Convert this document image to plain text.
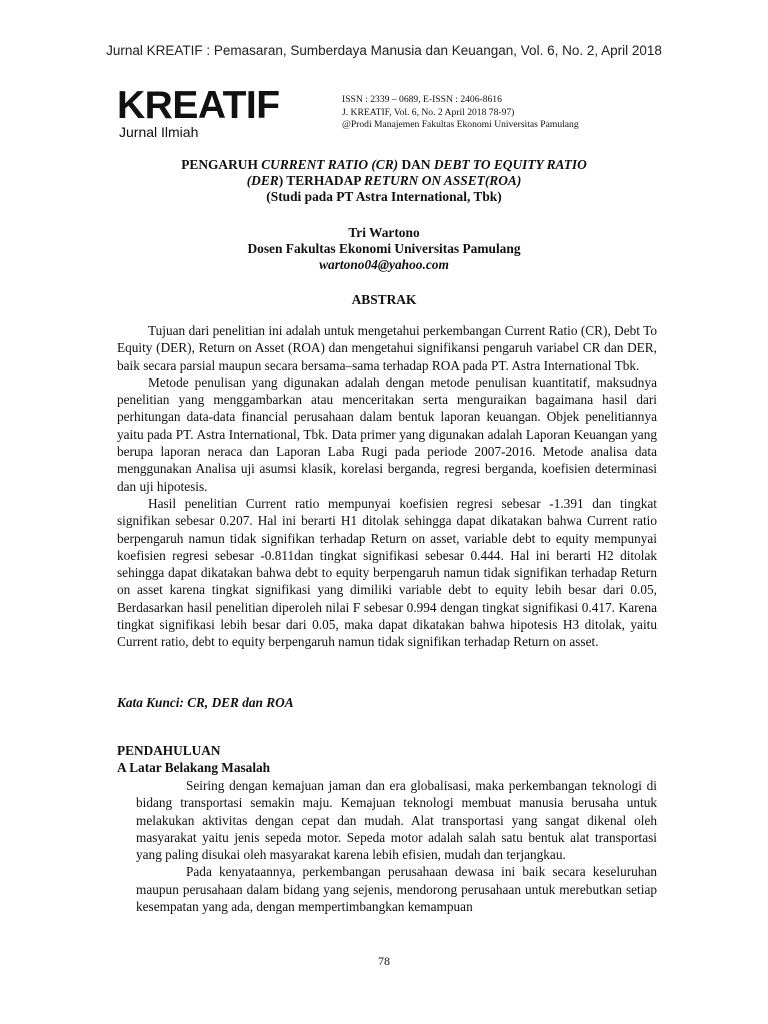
Jurnal KREATIF : Pemasaran, Sumberdaya Manusia dan Keuangan, Vol. 6, No. 2, April 2018
KREATIF
Jurnal Ilmiah
ISSN : 2339 – 0689, E-ISSN : 2406-8616
J. KREATIF, Vol. 6, No. 2 April 2018 78-97)
@Prodi Manajemen Fakultas Ekonomi Universitas Pamulang
PENGARUH CURRENT RATIO (CR) DAN DEBT TO EQUITY RATIO
(DER) TERHADAP RETURN ON ASSET(ROA)
(Studi pada PT Astra International, Tbk)
Tri Wartono
Dosen Fakultas Ekonomi Universitas Pamulang
wartono04@yahoo.com
ABSTRAK

Tujuan dari penelitian ini adalah untuk mengetahui perkembangan Current Ratio (CR), Debt To Equity (DER), Return on Asset (ROA) dan mengetahui signifikansi pengaruh variabel CR dan DER, baik secara parsial maupun secara bersama–sama terhadap ROA pada PT. Astra International Tbk.

Metode penulisan yang digunakan adalah dengan metode penulisan kuantitatif, maksudnya penelitian yang menggambarkan atau menceritakan serta menguraikan bagaimana hasil dari perhitungan data-data financial perusahaan dalam bentuk laporan keuangan. Objek penelitiannya yaitu pada PT. Astra International, Tbk. Data primer yang digunakan adalah Laporan Keuangan yang berupa laporan neraca dan Laporan Laba Rugi pada periode 2007-2016. Metode analisa data menggunakan Analisa uji asumsi klasik, korelasi berganda, regresi berganda, koefisien determinasi dan uji hipotesis.

Hasil penelitian Current ratio mempunyai koefisien regresi sebesar -1.391 dan tingkat signifikan sebesar 0.207. Hal ini berarti H1 ditolak sehingga dapat dikatakan bahwa Current ratio berpengaruh namun tidak signifikan terhadap Return on asset, variable debt to equity mempunyai koefisien regresi sebesar -0.811dan tingkat signifikasi sebesar 0.444. Hal ini berarti H2 ditolak sehingga dapat dikatakan bahwa debt to equity berpengaruh namun tidak signifikan terhadap Return on asset karena tingkat signifikasi yang dimiliki variable debt to equity lebih besar dari 0.05, Berdasarkan hasil penelitian diperoleh nilai F sebesar 0.994 dengan tingkat signifikasi 0.417. Karena tingkat signifikasi lebih besar dari 0.05, maka dapat dikatakan bahwa hipotesis H3 ditolak, yaitu Current ratio, debt to equity berpengaruh namun tidak signifikan terhadap Return on asset.

Kata Kunci: CR, DER dan ROA
PENDAHULUAN
A Latar Belakang Masalah

Seiring dengan kemajuan jaman dan era globalisasi, maka perkembangan teknologi di bidang transportasi semakin maju. Kemajuan teknologi membuat manusia berusaha untuk melakukan aktivitas dengan cepat dan mudah. Alat transportasi yang sangat dikenal oleh masyarakat yaitu jenis sepeda motor. Sepeda motor adalah salah satu bentuk alat transportasi yang paling disukai oleh masyarakat karena lebih efisien, mudah dan terjangkau.

Pada kenyataannya, perkembangan perusahaan dewasa ini baik secara keseluruhan maupun perusahaan dalam bidang yang sejenis, mendorong perusahaan untuk merebutkan setiap kesempatan yang ada, dengan mempertimbangkan kemampuan

78
